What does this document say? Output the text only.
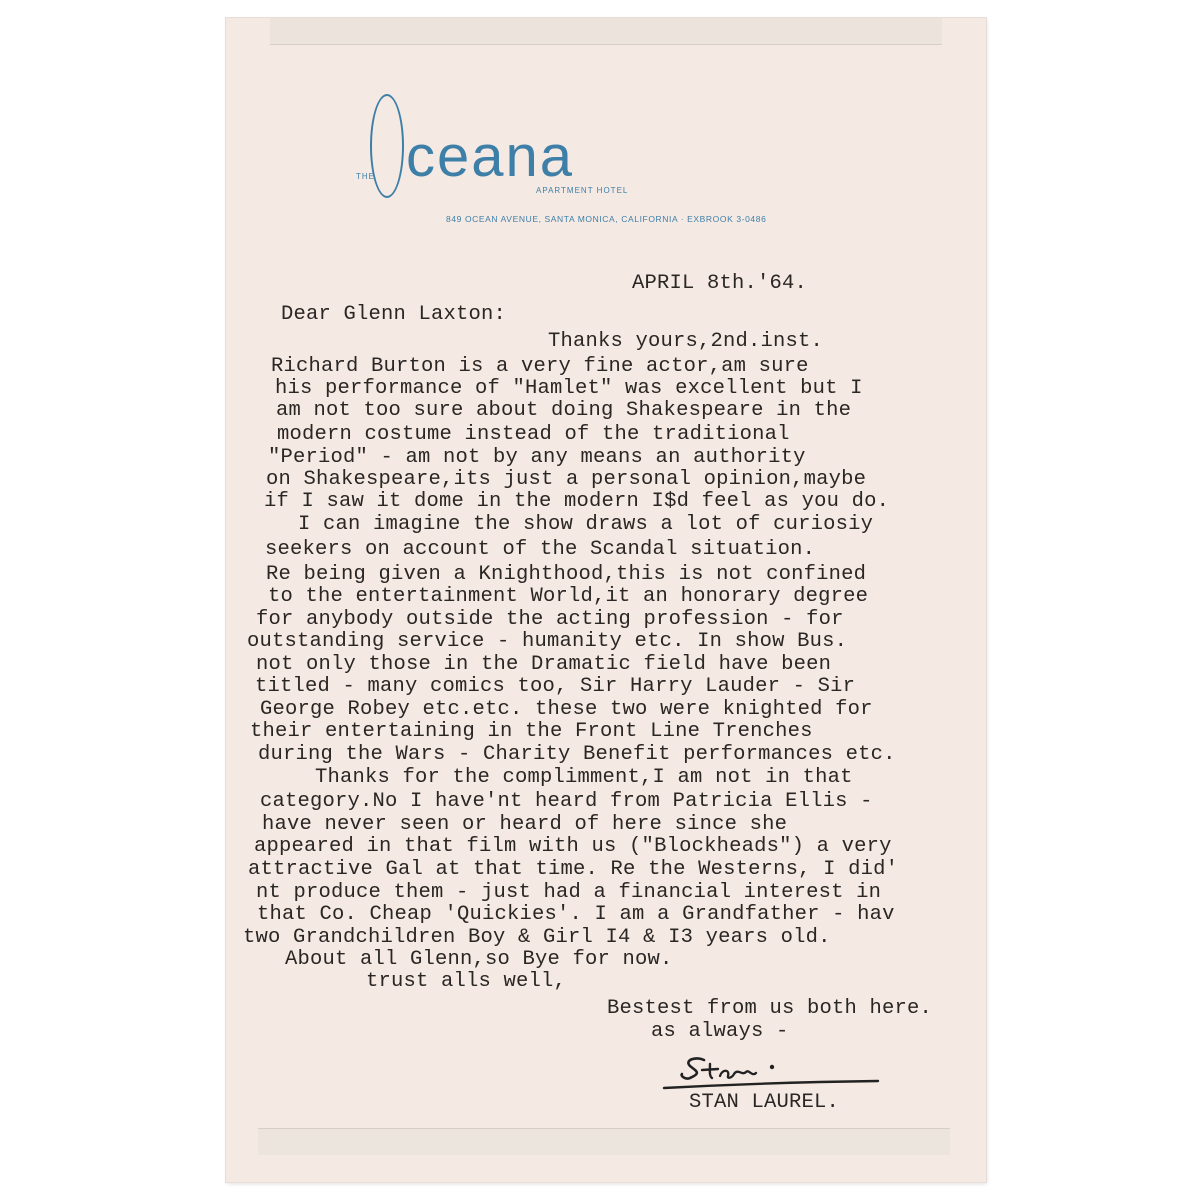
THE ceana
APARTMENT HOTEL
849 OCEAN AVENUE, SANTA MONICA, CALIFORNIA · EXBROOK 3-0486
APRIL 8th.'64.
Dear Glenn Laxton:
Thanks yours,2nd.inst.
Richard Burton is a very fine actor,am sure
his performance of "Hamlet" was excellent but I
am not too sure about doing Shakespeare in the
modern costume instead of the traditional
"Period" - am not by any means an authority
on Shakespeare,its just a personal opinion,maybe
if I saw it dome in the modern I$d feel as you do.
I can imagine the show draws a lot of curiosiy
seekers on account of the Scandal situation.
Re being given a Knighthood,this is not confined
to the entertainment World,it an honorary degree
for anybody outside the acting profession - for
outstanding service - humanity etc. In show Bus.
not only those in the Dramatic field have been
titled - many comics too, Sir Harry Lauder - Sir
George Robey etc.etc. these two were knighted for
their entertaining in the Front Line Trenches
during the Wars - Charity Benefit performances etc.
Thanks for the complimment,I am not in that
category.No I have'nt heard from Patricia Ellis -
have never seen or heard of here since she
appeared in that film with us ("Blockheads") a very
attractive Gal at that time. Re the Westerns, I did'
nt produce them - just had a financial interest in
that Co. Cheap 'Quickies'. I am a Grandfather - hav
two Grandchildren Boy & Girl I4 & I3 years old.
About all Glenn,so Bye for now.
trust alls well,
Bestest from us both here.
as always -
STAN LAUREL.
